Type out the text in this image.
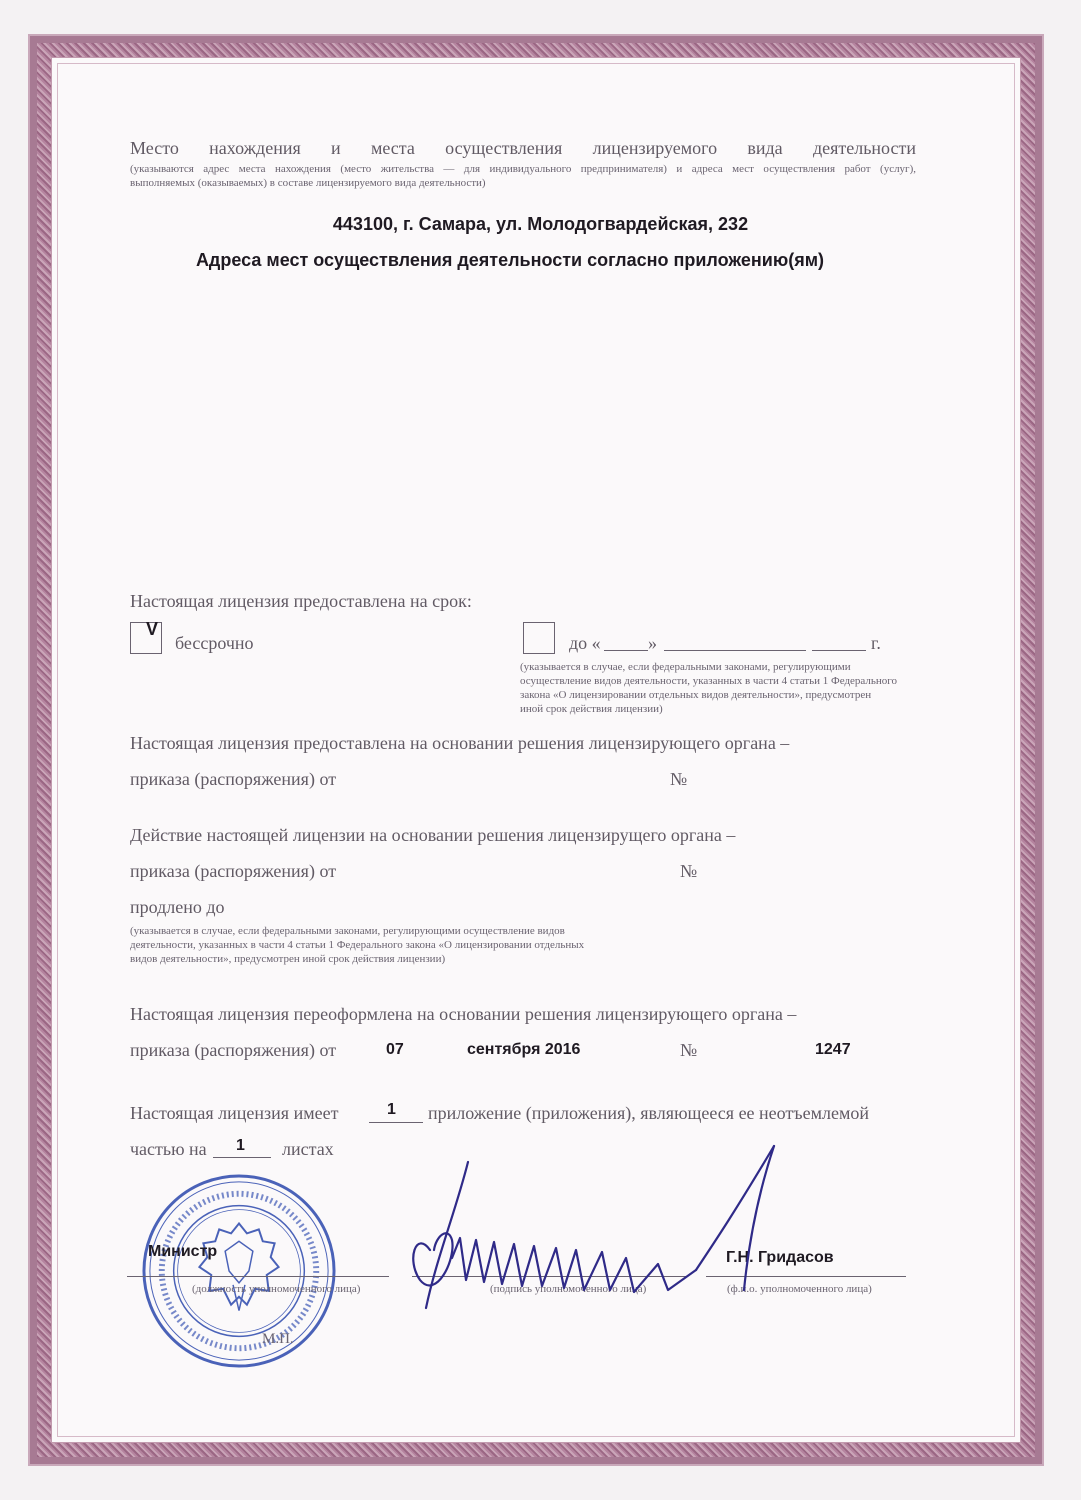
Место нахождения и места осуществления лицензируемого вида деятельности
(указываются адрес места нахождения (место жительства — для индивидуального предпринимателя) и адреса мест осуществления работ (услуг),
выполняемых (оказываемых) в составе лицензируемого вида деятельности)
443100, г. Самара, ул. Молодогвардейская, 232
Адреса мест осуществления деятельности согласно приложению(ям)
Настоящая лицензия предоставлена на срок:
V
бессрочно	до «	»	г.
(указывается в случае, если федеральными законами, регулирующими
осуществление видов деятельности, указанных в части 4 статьи 1 Федерального
закона «О лицензировании отдельных видов деятельности», предусмотрен
иной срок действия лицензии)
Настоящая лицензия предоставлена на основании решения лицензирующего органа –
приказа (распоряжения) от	№
Действие настоящей лицензии на основании решения лицензирущего органа –
приказа (распоряжения) от	№
продлено до
(указывается в случае, если федеральными законами, регулирующими осуществление видов
деятельности, указанных в части 4 статьи 1 Федерального закона «О лицензировании отдельных
видов деятельности», предусмотрен иной срок действия лицензии)
Настоящая лицензия переоформлена на основании решения лицензирующего органа –
приказа (распоряжения) от	07	сентября 2016	№	1247
Настоящая лицензия имеет	1 приложение (приложения), являющееся ее неотъемлемой
частью на 1 листах
Министр
(должность уполномоченного лица)	(подпись уполномоченного лица)
Г.Н. Гридасов
(ф.и.о. уполномоченного лица)
М.П.
